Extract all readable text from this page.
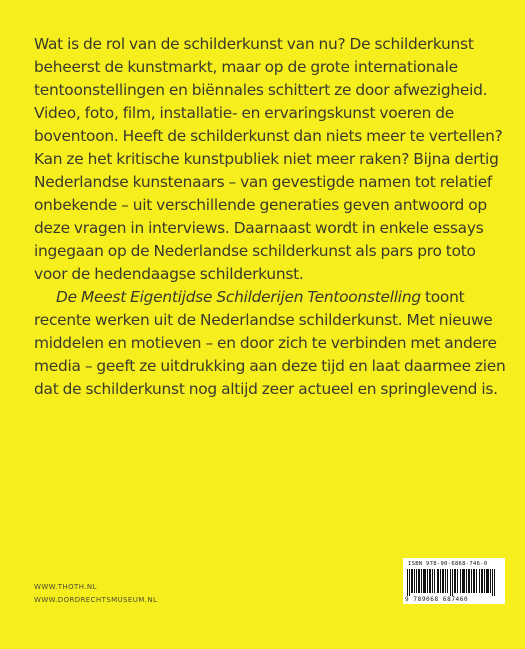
Wat is de rol van de schilderkunst van nu? De schilderkunst
beheerst de kunstmarkt, maar op de grote internationale
tentoonstellingen en biënnales schittert ze door afwezigheid.
Video, foto, film, installatie- en ervaringskunst voeren de
boventoon. Heeft de schilderkunst dan niets meer te vertellen?
Kan ze het kritische kunstpubliek niet meer raken? Bijna dertig
Nederlandse kunstenaars – van gevestigde namen tot relatief
onbekende – uit verschillende generaties geven antwoord op
deze vragen in interviews. Daarnaast wordt in enkele essays
ingegaan op de Nederlandse schilderkunst als pars pro toto
voor de hedendaagse schilderkunst.
De Meest Eigentijdse Schilderijen Tentoonstelling toont
recente werken uit de Nederlandse schilderkunst. Met nieuwe
middelen en motieven – en door zich te verbinden met andere
media – geeft ze uitdrukking aan deze tijd en laat daarmee zien
dat de schilderkunst nog altijd zeer actueel en springlevend is.
WWW.THOTH.NL
WWW.DORDRECHTSMUSEUM.NL
ISBN 978-90-6868-746-0
9 789068 687460
